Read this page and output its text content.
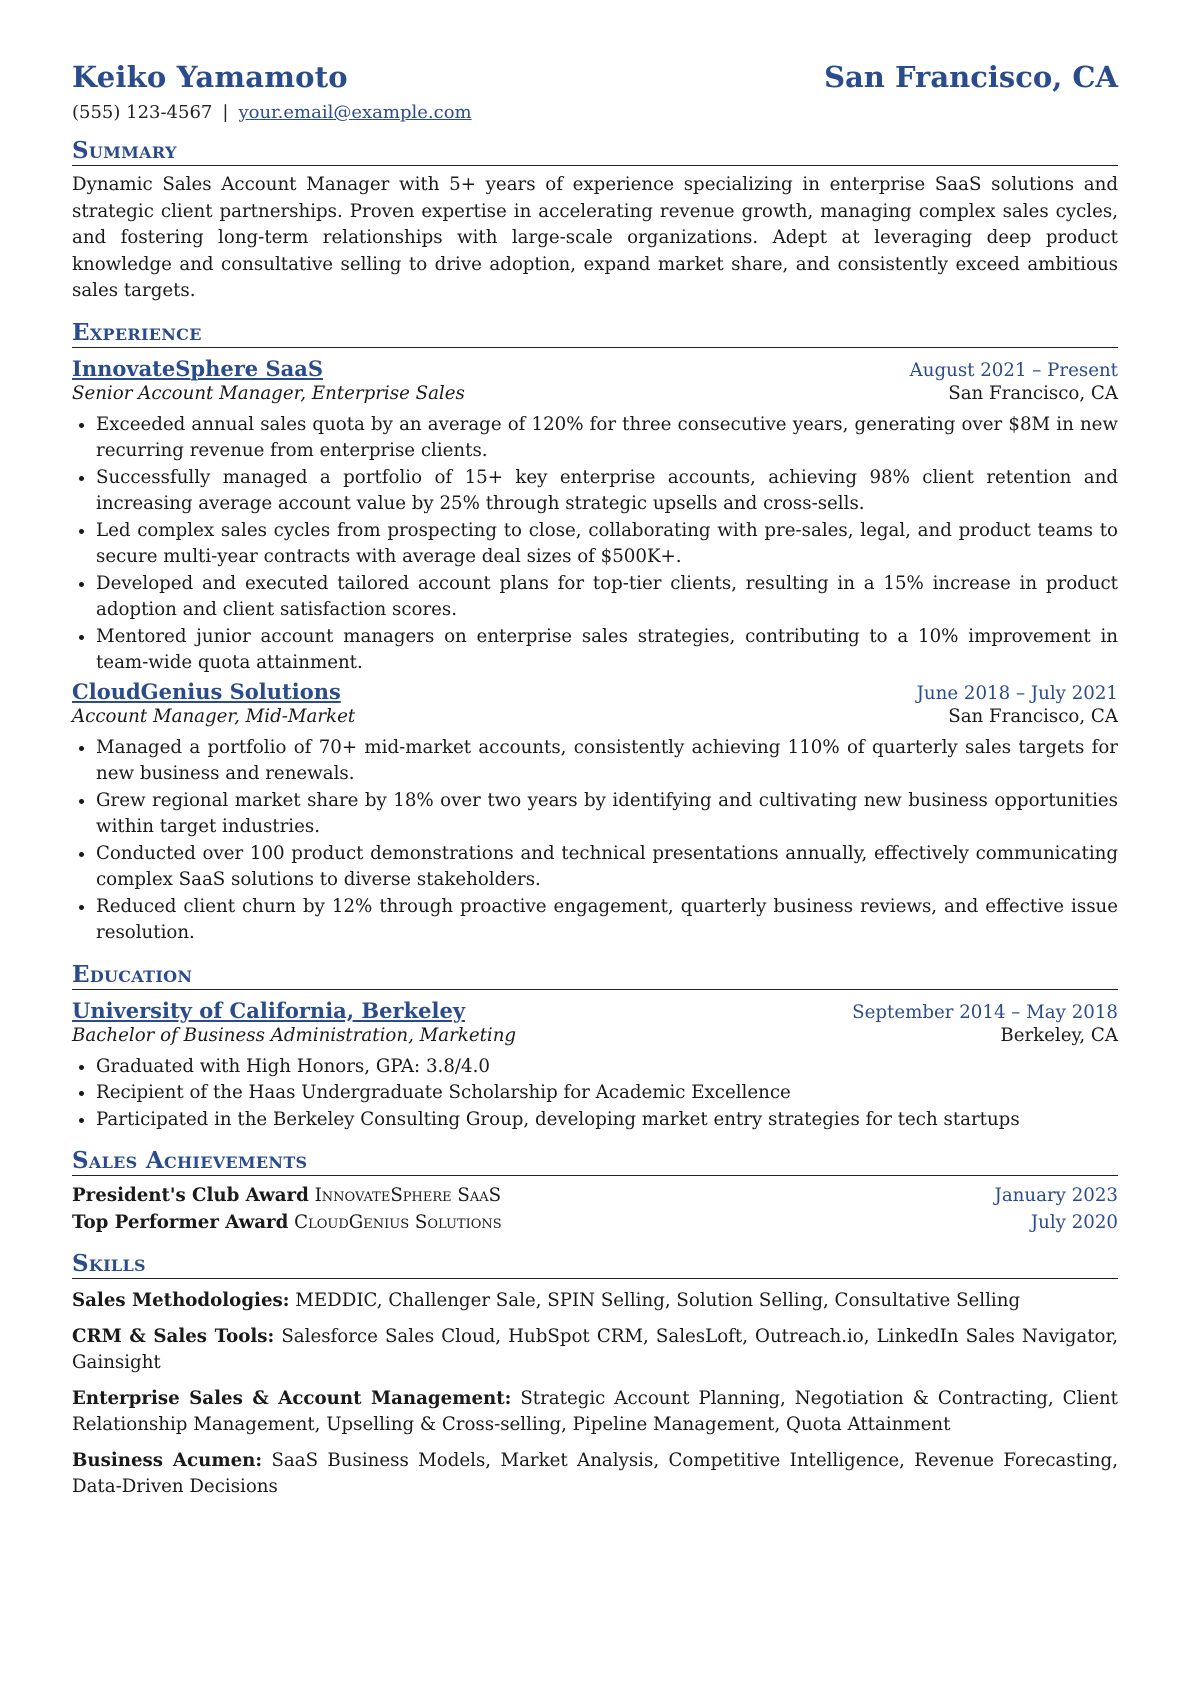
Keiko Yamamoto	San Francisco, CA
(555) 123-4567 | your.email@example.com
Summary
Dynamic Sales Account Manager with 5+ years of experience specializing in enterprise SaaS solutions and strategic client partnerships. Proven expertise in accelerating revenue growth, managing complex sales cycles, and fostering long-term relationships with large-scale organizations. Adept at leveraging deep product knowledge and consultative selling to drive adoption, expand market share, and consistently exceed ambitious sales targets.
Experience
InnovateSphere SaaS	August 2021 – Present
Senior Account Manager, Enterprise Sales	San Francisco, CA
• Exceeded annual sales quota by an average of 120% for three consecutive years, generating over $8M in new recurring revenue from enterprise clients.
• Successfully managed a portfolio of 15+ key enterprise accounts, achieving 98% client retention and increasing average account value by 25% through strategic upsells and cross-sells.
• Led complex sales cycles from prospecting to close, collaborating with pre-sales, legal, and product teams to secure multi-year contracts with average deal sizes of $500K+.
• Developed and executed tailored account plans for top-tier clients, resulting in a 15% increase in product adoption and client satisfaction scores.
• Mentored junior account managers on enterprise sales strategies, contributing to a 10% improvement in team-wide quota attainment.
CloudGenius Solutions	June 2018 – July 2021
Account Manager, Mid-Market	San Francisco, CA
• Managed a portfolio of 70+ mid-market accounts, consistently achieving 110% of quarterly sales targets for new business and renewals.
• Grew regional market share by 18% over two years by identifying and cultivating new business opportunities within target industries.
• Conducted over 100 product demonstrations and technical presentations annually, effectively communicating complex SaaS solutions to diverse stakeholders.
• Reduced client churn by 12% through proactive engagement, quarterly business reviews, and effective issue resolution.
Education
University of California, Berkeley	September 2014 – May 2018
Bachelor of Business Administration, Marketing	Berkeley, CA
• Graduated with High Honors, GPA: 3.8/4.0
• Recipient of the Haas Undergraduate Scholarship for Academic Excellence
• Participated in the Berkeley Consulting Group, developing market entry strategies for tech startups
Sales Achievements
President's Club Award InnovateSphere SaaS	January 2023
Top Performer Award CloudGenius Solutions	July 2020
Skills
Sales Methodologies: MEDDIC, Challenger Sale, SPIN Selling, Solution Selling, Consultative Selling
CRM & Sales Tools: Salesforce Sales Cloud, HubSpot CRM, SalesLoft, Outreach.io, LinkedIn Sales Navigator, Gainsight
Enterprise Sales & Account Management: Strategic Account Planning, Negotiation & Contracting, Client Relationship Management, Upselling & Cross-selling, Pipeline Management, Quota Attainment
Business Acumen: SaaS Business Models, Market Analysis, Competitive Intelligence, Revenue Forecasting, Data-Driven Decisions
